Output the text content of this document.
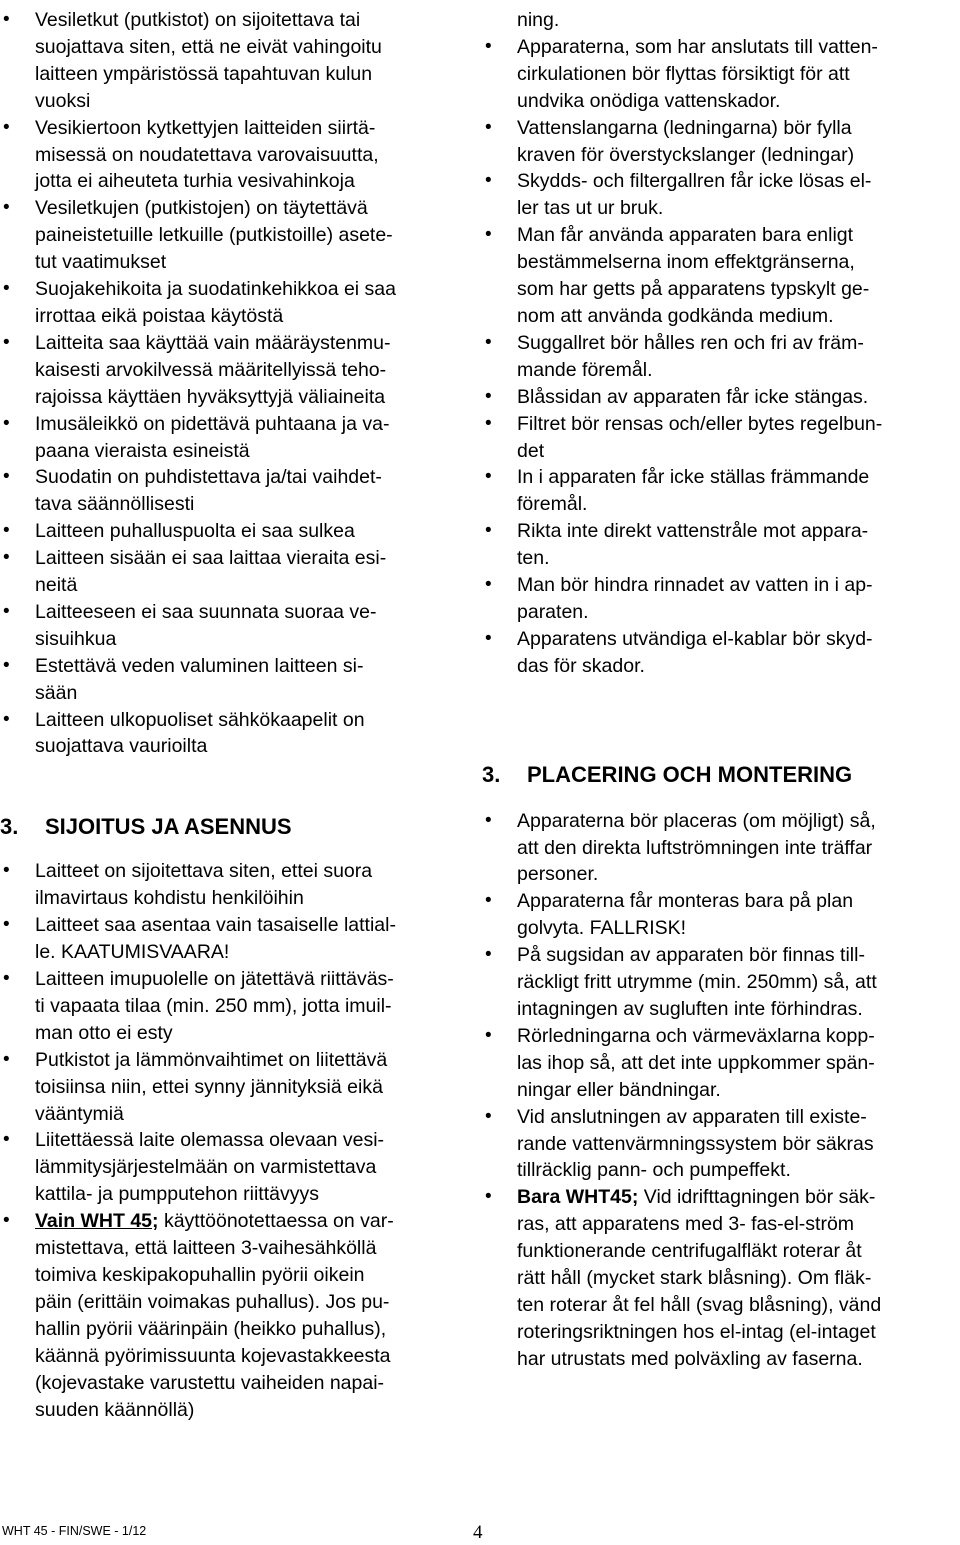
• Vesiletkut (putkistot) on sijoitettava tai
suojattava siten, että ne eivät vahingoitu
laitteen ympäristössä tapahtuvan kulun
vuoksi
• Vesikiertoon kytkettyjen laitteiden siirtä-
misessä on noudatettava varovaisuutta,
jotta ei aiheuteta turhia vesivahinkoja
• Vesiletkujen (putkistojen) on täytettävä
paineistetuille letkuille (putkistoille) asete-
tut vaatimukset
• Suojakehikoita ja suodatinkehikkoa ei saa
irrottaa eikä poistaa käytöstä
• Laitteita saa käyttää vain määräystenmu-
kaisesti arvokilvessä määritellyissä teho-
rajoissa käyttäen hyväksyttyjä väliaineita
• Imusäleikkö on pidettävä puhtaana ja va-
paana vieraista esineistä
• Suodatin on puhdistettava ja/tai vaihdet-
tava säännöllisesti
• Laitteen puhalluspuolta ei saa sulkea
• Laitteen sisään ei saa laittaa vieraita esi-
neitä
• Laitteeseen ei saa suunnata suoraa ve-
sisuihkua
• Estettävä veden valuminen laitteen si-
sään
• Laitteen ulkopuoliset sähkökaapelit on
suojattava vaurioilta
3.	SIJOITUS JA ASENNUS
• Laitteet on sijoitettava siten, ettei suora
ilmavirtaus kohdistu henkilöihin
• Laitteet saa asentaa vain tasaiselle lattial-
le. KAATUMISVAARA!
• Laitteen imupuolelle on jätettävä riittäväs-
ti vapaata tilaa (min. 250 mm), jotta imuil-
man otto ei esty
• Putkistot ja lämmönvaihtimet on liitettävä
toisiinsa niin, ettei synny jännityksiä eikä
vääntymiä
• Liitettäessä laite olemassa olevaan vesi-
lämmitysjärjestelmään on varmistettava
kattila- ja pumpputehon riittävyys
• Vain WHT 45; käyttöönotettaessa on var-
mistettava, että laitteen 3-vaihesähköllä
toimiva keskipakopuhallin pyörii oikein
päin (erittäin voimakas puhallus). Jos pu-
hallin pyörii väärinpäin (heikko puhallus),
käännä pyörimissuunta kojevastakkeesta
(kojevastake varustettu vaiheiden napai-
suuden käännöllä)
ning.
• Apparaterna, som har anslutats till vatten-
cirkulationen bör flyttas försiktigt för att
undvika onödiga vattenskador.
• Vattenslangarna (ledningarna) bör fylla
kraven för överstyckslanger (ledningar)
• Skydds- och filtergallren får icke lösas el-
ler tas ut ur bruk.
• Man får använda apparaten bara enligt
bestämmelserna inom effektgränserna,
som har getts på apparatens typskylt ge-
nom att använda godkända medium.
• Suggallret bör hålles ren och fri av främ-
mande föremål.
• Blåssidan av apparaten får icke stängas.
• Filtret bör rensas och/eller bytes regelbun-
det
• In i apparaten får icke ställas främmande
föremål.
• Rikta inte direkt vattenstråle mot appara-
ten.
• Man bör hindra rinnadet av vatten in i ap-
paraten.
• Apparatens utvändiga el-kablar bör skyd-
das för skador.
3.	PLACERING OCH MONTERING
• Apparaterna bör placeras (om möjligt) så,
att den direkta luftströmningen inte träffar
personer.
• Apparaterna får monteras bara på plan
golvyta. FALLRISK!
• På sugsidan av apparaten bör finnas till-
räckligt fritt utrymme (min. 250mm) så, att
intagningen av sugluften inte förhindras.
• Rörledningarna och värmeväxlarna kopp-
las ihop så, att det inte uppkommer spän-
ningar eller bändningar.
• Vid anslutningen av apparaten till existe-
rande vattenvärmningssystem bör säkras
tillräcklig pann- och pumpeffekt.
• Bara WHT45; Vid idrifttagningen bör säk-
ras, att apparatens med 3- fas-el-ström
funktionerande centrifugalfläkt roterar åt
rätt håll (mycket stark blåsning). Om fläk-
ten roterar åt fel håll (svag blåsning), vänd
roteringsriktningen hos el-intag (el-intaget
har utrustats med polväxling av faserna.
WHT 45 - FIN/SWE - 1/12	4
